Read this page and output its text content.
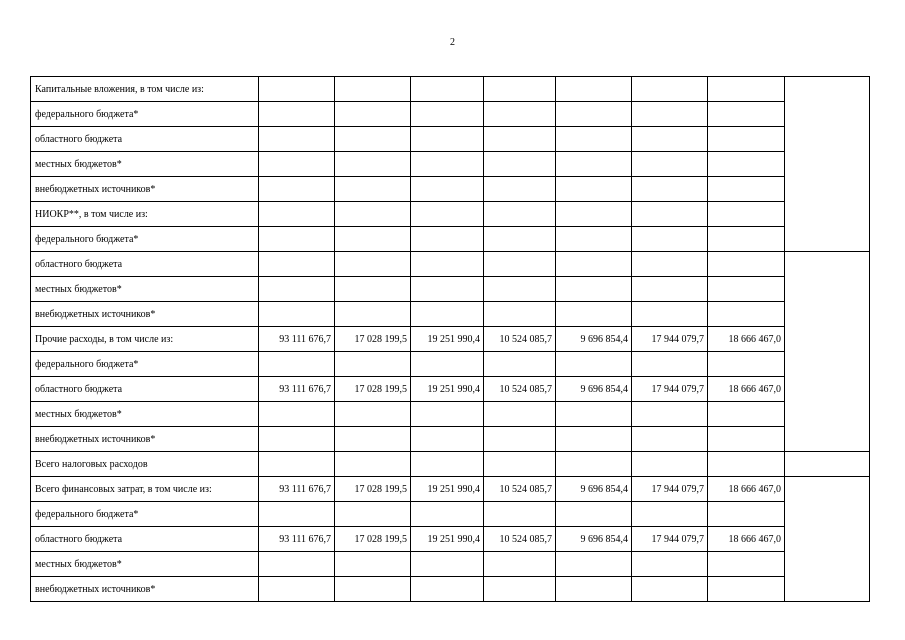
2
Капитальные вложения, в том числе из:								
федерального бюджета*								
областного бюджета								
местных бюджетов*								
внебюджетных источников*								
НИОКР**, в том числе из:								
федерального бюджета*								
областного бюджета								
местных бюджетов*								
внебюджетных источников*								
Прочие расходы, в том числе из:	93 111 676,7	17 028 199,5	19 251 990,4	10 524 085,7	9 696 854,4	17 944 079,7	18 666 467,0	
федерального бюджета*								
областного бюджета	93 111 676,7	17 028 199,5	19 251 990,4	10 524 085,7	9 696 854,4	17 944 079,7	18 666 467,0	
местных бюджетов*								
внебюджетных источников*								
Всего налоговых расходов								
Всего финансовых затрат, в том числе из:	93 111 676,7	17 028 199,5	19 251 990,4	10 524 085,7	9 696 854,4	17 944 079,7	18 666 467,0	
федерального бюджета*								
областного бюджета	93 111 676,7	17 028 199,5	19 251 990,4	10 524 085,7	9 696 854,4	17 944 079,7	18 666 467,0	
местных бюджетов*								
внебюджетных источников*								
